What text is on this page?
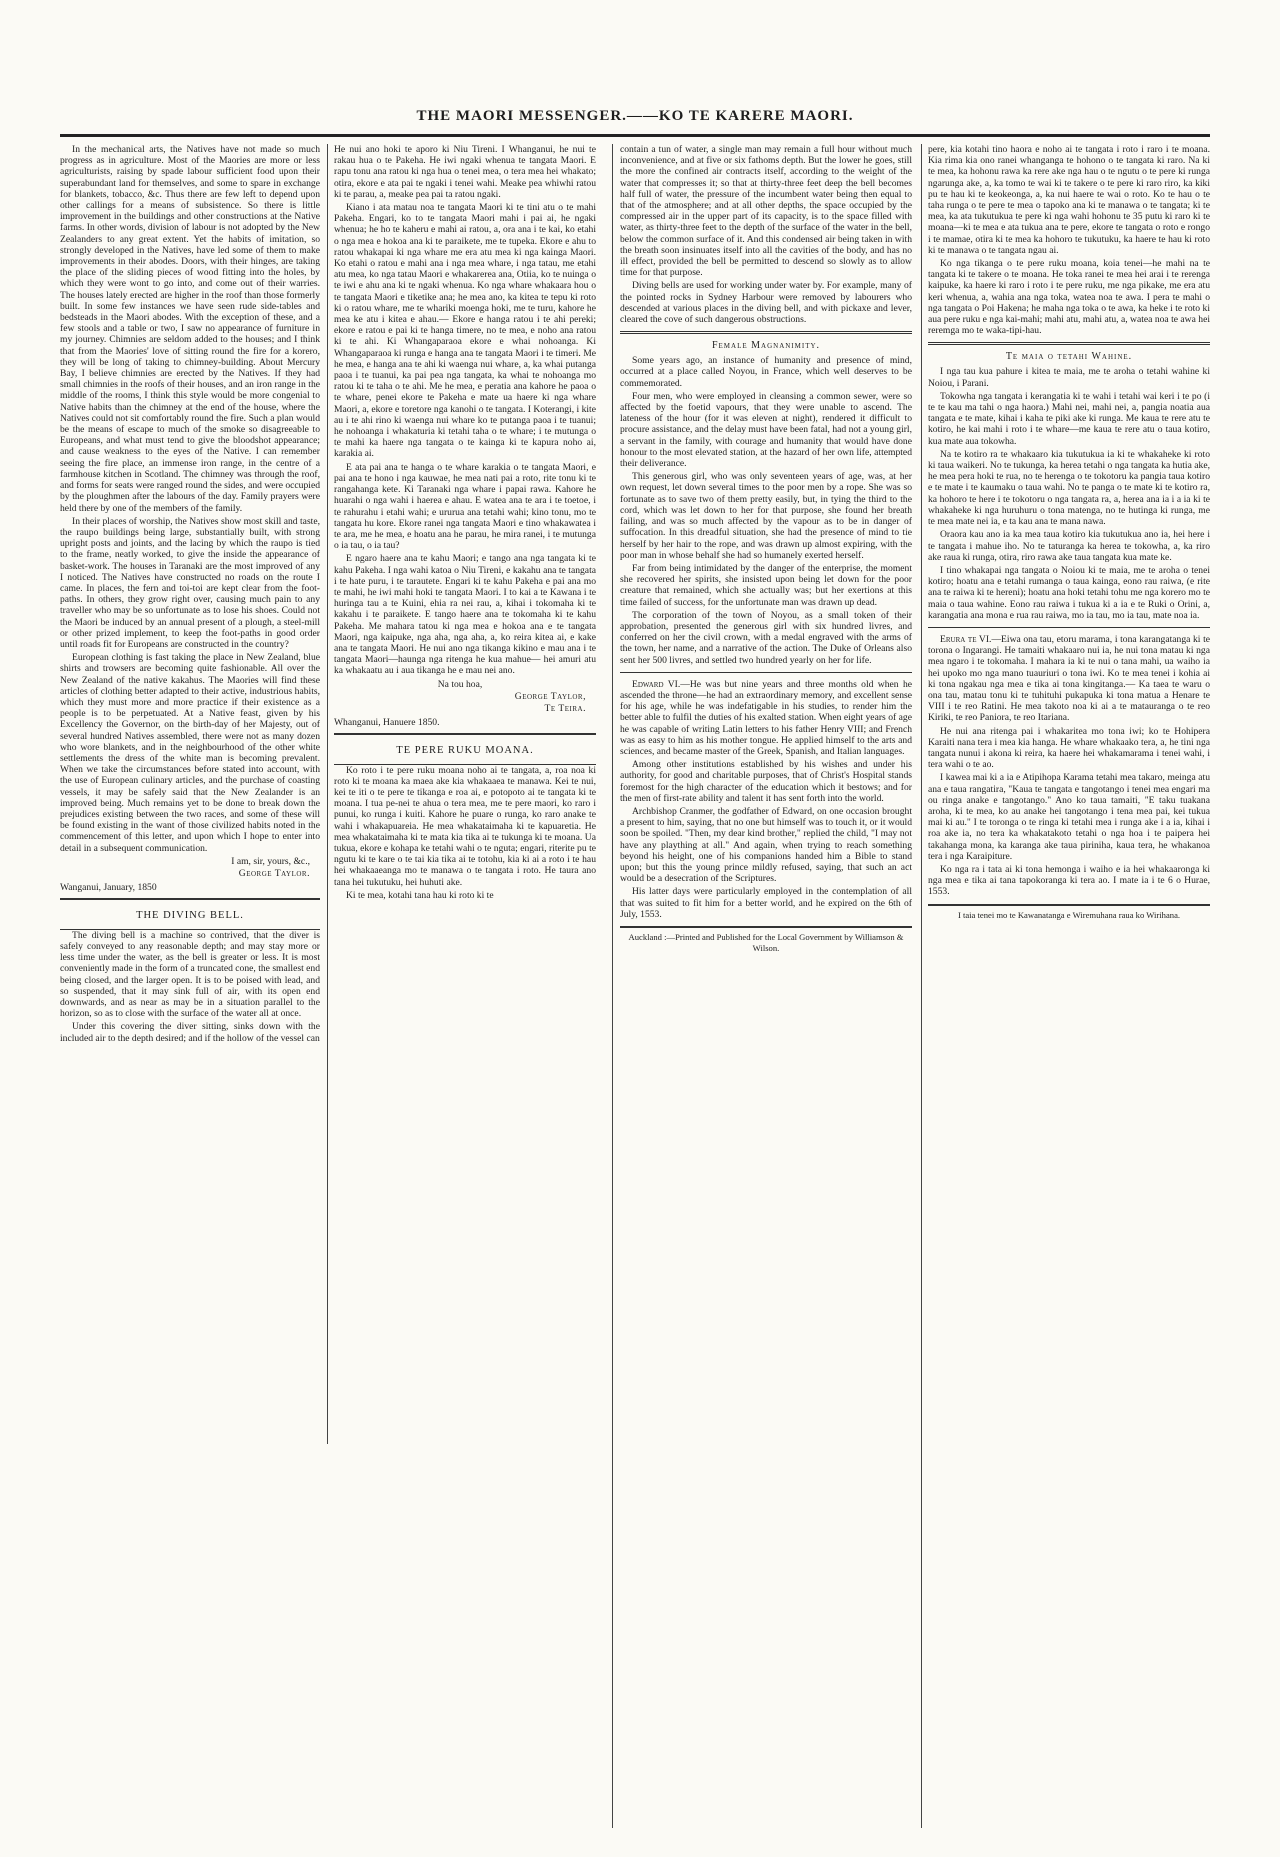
THE MAORI MESSENGER.——KO TE KARERE MAORI.

In the mechanical arts, the Natives have not made so much progress as in agriculture. Most of the Maories are more or less agriculturists, raising by spade labour sufficient food upon their superabundant land for themselves, and some to spare in exchange for blankets, tobacco, &c. Thus there are few left to depend upon other callings for a means of subsistence. So there is little improvement in the buildings and other constructions at the Native farms. In other words, division of labour is not adopted by the New Zealanders to any great extent. Yet the habits of imitation, so strongly developed in the Natives, have led some of them to make improvements in their abodes. Doors, with their hinges, are taking the place of the sliding pieces of wood fitting into the holes, by which they were wont to go into, and come out of their warries. The houses lately erected are higher in the roof than those formerly built. In some few instances we have seen rude side-tables and bedsteads in the Maori abodes. With the exception of these, and a few stools and a table or two, I saw no appearance of furniture in my journey. Chimnies are seldom added to the houses; and I think that from the Maories' love of sitting round the fire for a korero, they will be long of taking to chimney-building. About Mercury Bay, I believe chimnies are erected by the Natives. If they had small chimnies in the roofs of their houses, and an iron range in the middle of the rooms, I think this style would be more congenial to Native habits than the chimney at the end of the house, where the Natives could not sit comfortably round the fire. Such a plan would be the means of escape to much of the smoke so disagreeable to Europeans, and what must tend to give the bloodshot appearance; and cause weakness to the eyes of the Native. I can remember seeing the fire place, an immense iron range, in the centre of a farmhouse kitchen in Scotland. The chimney was through the roof, and forms for seats were ranged round the sides, and were occupied by the ploughmen after the labours of the day. Family prayers were held there by one of the members of the family.

In their places of worship, the Natives show most skill and taste, the raupo buildings being large, substantially built, with strong upright posts and joints, and the lacing by which the raupo is tied to the frame, neatly worked, to give the inside the appearance of basket-work. The houses in Taranaki are the most improved of any I noticed. The Natives have constructed no roads on the route I came. In places, the fern and toi-toi are kept clear from the foot-paths. In others, they grow right over, causing much pain to any traveller who may be so unfortunate as to lose his shoes. Could not the Maori be induced by an annual present of a plough, a steel-mill or other prized implement, to keep the foot-paths in good order until roads fit for Europeans are constructed in the country?

European clothing is fast taking the place in New Zealand, blue shirts and trowsers are becoming quite fashionable. All over the New Zealand of the native kakahus. The Maories will find these articles of clothing better adapted to their active, industrious habits, which they must more and more practice if their existence as a people is to be perpetuated. At a Native feast, given by his Excellency the Governor, on the birth-day of her Majesty, out of several hundred Natives assembled, there were not as many dozen who wore blankets, and in the neighbourhood of the other white settlements the dress of the white man is becoming prevalent. When we take the circumstances before stated into account, with the use of European culinary articles, and the purchase of coasting vessels, it may be safely said that the New Zealander is an improved being. Much remains yet to be done to break down the prejudices existing between the two races, and some of these will be found existing in the want of those civilized habits noted in the commencement of this letter, and upon which I hope to enter into detail in a subsequent communication.

I am, sir, yours, &c.,
George Taylor.
Wanganui, January, 1850
THE DIVING BELL.

The diving bell is a machine so contrived, that the diver is safely conveyed to any reasonable depth; and may stay more or less time under the water, as the bell is greater or less. It is most conveniently made in the form of a truncated cone, the smallest end being closed, and the larger open. It is to be poised with lead, and so suspended, that it may sink full of air, with its open end downwards, and as near as may be in a situation parallel to the horizon, so as to close with the surface of the water all at once.

Under this covering the diver sitting, sinks down with the included air to the depth desired; and if the hollow of the vessel can

He nui ano hoki te aporo ki Niu Tireni. I Whanganui, he nui te rakau hua o te Pakeha. He iwi ngaki whenua te tangata Maori. E rapu tonu ana ratou ki nga hua o tenei mea, o tera mea hei whakato; otira, ekore e ata pai te ngaki i tenei wahi. Meake pea whiwhi ratou ki te parau, a, meake pea pai ta ratou ngaki.

Kiano i ata matau noa te tangata Maori ki te tini atu o te mahi Pakeha. Engari, ko to te tangata Maori mahi i pai ai, he ngaki whenua; he ho te kaheru e mahi ai ratou, a, ora ana i te kai, ko etahi o nga mea e hokoa ana ki te paraikete, me te tupeka. Ekore e ahu to ratou whakapai ki nga whare me era atu mea ki nga kainga Maori. Ko etahi o ratou e mahi ana i nga mea whare, i nga tatau, me etahi atu mea, ko nga tatau Maori e whakarerea ana, Otiia, ko te nuinga o te iwi e ahu ana ki te ngaki whenua. Ko nga whare whakaara hou o te tangata Maori e tiketike ana; he mea ano, ka kitea te tepu ki roto ki o ratou whare, me te whariki moenga hoki, me te turu, kahore he mea ke atu i kitea e ahau.— Ekore e hanga ratou i te ahi pereki; ekore e ratou e pai ki te hanga timere, no te mea, e noho ana ratou ki te ahi. Ki Whangaparaoa ekore e whai nohoanga. Ki Whangaparaoa ki runga e hanga ana te tangata Maori i te timeri. Me he mea, e hanga ana te ahi ki waenga nui whare, a, ka whai putanga paoa i te tuanui, ka pai pea nga tangata, ka whai te nohoanga mo ratou ki te taha o te ahi. Me he mea, e peratia ana kahore he paoa o te whare, penei ekore te Pakeha e mate ua haere ki nga whare Maori, a, ekore e toretore nga kanohi o te tangata. I Koterangi, i kite au i te ahi rino ki waenga nui whare ko te putanga paoa i te tuanui; he nohoanga i whakaturia ki tetahi taha o te whare; i te mutunga o te mahi ka haere nga tangata o te kainga ki te kapura noho ai, karakia ai.

E ata pai ana te hanga o te whare karakia o te tangata Maori, e pai ana te hono i nga kauwae, he mea nati pai a roto, rite tonu ki te rangahanga kete. Ki Taranaki nga whare i papai rawa. Kahore he huarahi o nga wahi i haerea e ahau. E watea ana te ara i te toetoe, i te rahurahu i etahi wahi; e ururua ana tetahi wahi; kino tonu, mo te tangata hu kore. Ekore ranei nga tangata Maori e tino whakawatea i te ara, me he mea, e hoatu ana he parau, he mira ranei, i te mutunga o ia tau, o ia tau?

E ngaro haere ana te kahu Maori; e tango ana nga tangata ki te kahu Pakeha. I nga wahi katoa o Niu Tireni, e kakahu ana te tangata i te hate puru, i te tarautete. Engari ki te kahu Pakeha e pai ana mo te mahi, he iwi mahi hoki te tangata Maori. I to kai a te Kawana i te huringa tau a te Kuini, ehia ra nei rau, a, kihai i tokomaha ki te kakahu i te paraikete. E tango haere ana te tokomaha ki te kahu Pakeha. Me mahara tatou ki nga mea e hokoa ana e te tangata Maori, nga kaipuke, nga aha, nga aha, a, ko reira kitea ai, e kake ana te tangata Maori. He nui ano nga tikanga kikino e mau ana i te tangata Maori—haunga nga ritenga he kua mahue— hei amuri atu ka whakaatu au i aua tikanga he e mau nei ano.

Na tou hoa,
George Taylor,
Te Teira.
Whanganui, Hanuere 1850.
TE PERE RUKU MOANA.

Ko roto i te pere ruku moana noho ai te tangata, a, roa noa ki roto ki te moana ka maea ake kia whakaaea te manawa. Kei te nui, kei te iti o te pere te tikanga e roa ai, e potopoto ai te tangata ki te moana. I tua pe-nei te ahua o tera mea, me te pere maori, ko raro i punui, ko runga i kuiti. Kahore he puare o runga, ko raro anake te wahi i whakapuareia. He mea whakataimaha ki te kapuaretia. He mea whakataimaha ki te mata kia tika ai te tukunga ki te moana. Ua tukua, ekore e kohapa ke tetahi wahi o te nguta; engari, riterite pu te ngutu ki te kare o te tai kia tika ai te totohu, kia ki ai a roto i te hau hei whakaaeanga mo te manawa o te tangata i roto. He taura ano tana hei tukutuku, hei huhuti ake.

Ki te mea, kotahi tana hau ki roto ki te

contain a tun of water, a single man may remain a full hour without much inconvenience, and at five or six fathoms depth. But the lower he goes, still the more the confined air contracts itself, according to the weight of the water that compresses it; so that at thirty-three feet deep the bell becomes half full of water, the pressure of the incumbent water being then equal to that of the atmosphere; and at all other depths, the space occupied by the compressed air in the upper part of its capacity, is to the space filled with water, as thirty-three feet to the depth of the surface of the water in the bell, below the common surface of it. And this condensed air being taken in with the breath soon insinuates itself into all the cavities of the body, and has no ill effect, provided the bell be permitted to descend so slowly as to allow time for that purpose.

Diving bells are used for working under water by. For example, many of the pointed rocks in Sydney Harbour were removed by labourers who descended at various places in the diving bell, and with pickaxe and lever, cleared the cove of such dangerous obstructions.

Female Magnanimity.

Some years ago, an instance of humanity and presence of mind, occurred at a place called Noyou, in France, which well deserves to be commemorated.

Four men, who were employed in cleansing a common sewer, were so affected by the foetid vapours, that they were unable to ascend. The lateness of the hour (for it was eleven at night), rendered it difficult to procure assistance, and the delay must have been fatal, had not a young girl, a servant in the family, with courage and humanity that would have done honour to the most elevated station, at the hazard of her own life, attempted their deliverance.

This generous girl, who was only seventeen years of age, was, at her own request, let down several times to the poor men by a rope. She was so fortunate as to save two of them pretty easily, but, in tying the third to the cord, which was let down to her for that purpose, she found her breath failing, and was so much affected by the vapour as to be in danger of suffocation. In this dreadful situation, she had the presence of mind to tie herself by her hair to the rope, and was drawn up almost expiring, with the poor man in whose behalf she had so humanely exerted herself.

Far from being intimidated by the danger of the enterprise, the moment she recovered her spirits, she insisted upon being let down for the poor creature that remained, which she actually was; but her exertions at this time failed of success, for the unfortunate man was drawn up dead.

The corporation of the town of Noyou, as a small token of their approbation, presented the generous girl with six hundred livres, and conferred on her the civil crown, with a medal engraved with the arms of the town, her name, and a narrative of the action. The Duke of Orleans also sent her 500 livres, and settled two hundred yearly on her for life.

Edward VI.—He was but nine years and three months old when he ascended the throne—he had an extraordinary memory, and excellent sense for his age, while he was indefatigable in his studies, to render him the better able to fulfil the duties of his exalted station. When eight years of age he was capable of writing Latin letters to his father Henry VIII; and French was as easy to him as his mother tongue. He applied himself to the arts and sciences, and became master of the Greek, Spanish, and Italian languages.

Among other institutions established by his wishes and under his authority, for good and charitable purposes, that of Christ's Hospital stands foremost for the high character of the education which it bestows; and for the men of first-rate ability and talent it has sent forth into the world.

Archbishop Cranmer, the godfather of Edward, on one occasion brought a present to him, saying, that no one but himself was to touch it, or it would soon be spoiled. "Then, my dear kind brother," replied the child, "I may not have any plaything at all." And again, when trying to reach something beyond his height, one of his companions handed him a Bible to stand upon; but this the young prince mildly refused, saying, that such an act would be a desecration of the Scriptures.

His latter days were particularly employed in the contemplation of all that was suited to fit him for a better world, and he expired on the 6th of July, 1553.

Auckland :—Printed and Published for the Local Government by Williamson & Wilson.

pere, kia kotahi tino haora e noho ai te tangata i roto i raro i te moana. Kia rima kia ono ranei whanganga te hohono o te tangata ki raro. Na ki te mea, ka hohonu rawa ka rere ake nga hau o te ngutu o te pere ki runga ngarunga ake, a, ka tomo te wai ki te takere o te pere ki raro riro, ka kiki pu te hau ki te keokeonga, a, ka nui haere te wai o roto. Ko te hau o te taha runga o te pere te mea o tapoko ana ki te manawa o te tangata; ki te mea, ka ata tukutukua te pere ki nga wahi hohonu te 35 putu ki raro ki te moana—ki te mea e ata tukua ana te pere, ekore te tangata o roto e rongo i te mamae, otira ki te mea ka hohoro te tukutuku, ka haere te hau ki roto ki te manawa o te tangata ngau ai.

Ko nga tikanga o te pere ruku moana, koia tenei—he mahi na te tangata ki te takere o te moana. He toka ranei te mea hei arai i te rerenga kaipuke, ka haere ki raro i roto i te pere ruku, me nga pikake, me era atu keri whenua, a, wahia ana nga toka, watea noa te awa. I pera te mahi o nga tangata o Poi Hakena; he maha nga toka o te awa, ka heke i te roto ki aua pere ruku e nga kai-mahi; mahi atu, mahi atu, a, watea noa te awa hei reremga mo te waka-tipi-hau.

Te maia o tetahi Wahine.

I nga tau kua pahure i kitea te maia, me te aroha o tetahi wahine ki Noiou, i Parani.

Tokowha nga tangata i kerangatia ki te wahi i tetahi wai keri i te po (i te te kau ma tahi o nga haora.) Mahi nei, mahi nei, a, pangia noatia aua tangata e te mate, kihai i kaha te piki ake ki runga. Me kaua te rere atu te kotiro, he kai mahi i roto i te whare—me kaua te rere atu o taua kotiro, kua mate aua tokowha.

Na te kotiro ra te whakaaro kia tukutukua ia ki te whakaheke ki roto ki taua waikeri. No te tukunga, ka herea tetahi o nga tangata ka hutia ake, he mea pera hoki te rua, no te herenga o te tokotoru ka pangia taua kotiro e te mate i te kaumaku o taua wahi. No te panga o te mate ki te kotiro ra, ka hohoro te here i te tokotoru o nga tangata ra, a, herea ana ia i a ia ki te whakaheke ki nga huruhuru o tona matenga, no te hutinga ki runga, me te mea mate nei ia, e ta kau ana te mana nawa.

Oraora kau ano ia ka mea taua kotiro kia tukutukua ano ia, hei here i te tangata i mahue iho. No te taturanga ka herea te tokowha, a, ka riro ake raua ki runga, otira, riro rawa ake taua tangata kua mate ke.

I tino whakapai nga tangata o Noiou ki te maia, me te aroha o tenei kotiro; hoatu ana e tetahi rumanga o taua kainga, eono rau raiwa, (e rite ana te raiwa ki te hereni); hoatu ana hoki tetahi tohu me nga korero mo te maia o taua wahine. Eono rau raiwa i tukua ki a ia e te Ruki o Orini, a, karangatia ana mona e rua rau raiwa, mo ia tau, mo ia tau, mate noa ia.

Erura te VI.—Eiwa ona tau, etoru marama, i tona karangatanga ki te torona o Ingarangi. He tamaiti whakaaro nui ia, he nui tona matau ki nga mea ngaro i te tokomaha. I mahara ia ki te nui o tana mahi, ua waiho ia hei upoko mo nga mano tuauriuri o tona iwi. Ko te mea tenei i kohia ai ki tona ngakau nga mea e tika ai tona kingitanga.— Ka taea te waru o ona tau, matau tonu ki te tuhituhi pukapuka ki tona matua a Henare te VIII i te reo Ratini. He mea takoto noa ki ai a te matauranga o te reo Kiriki, te reo Paniora, te reo Itariana.

He nui ana ritenga pai i whakaritea mo tona iwi; ko te Hohipera Karaiti nana tera i mea kia hanga. He whare whakaako tera, a, he tini nga tangata nunui i akona ki reira, ka haere hei whakamarama i tenei wahi, i tera wahi o te ao.

I kawea mai ki a ia e Atipihopa Karama tetahi mea takaro, meinga atu ana e taua rangatira, "Kaua te tangata e tangotango i tenei mea engari ma ou ringa anake e tangotango." Ano ko taua tamaiti, "E taku tuakana aroha, ki te mea, ko au anake hei tangotango i tena mea pai, kei tukua mai ki au." I te toronga o te ringa ki tetahi mea i runga ake i a ia, kihai i roa ake ia, no tera ka whakatakoto tetahi o nga hoa i te paipera hei takahanga mona, ka karanga ake taua piriniha, kaua tera, he whakanoa tera i nga Karaipiture.

Ko nga ra i tata ai ki tona hemonga i waiho e ia hei whakaaronga ki nga mea e tika ai tana tapokoranga ki tera ao. I mate ia i te 6 o Hurae, 1553.

I taia tenei mo te Kawanatanga e Wiremuhana raua ko Wirihana.
